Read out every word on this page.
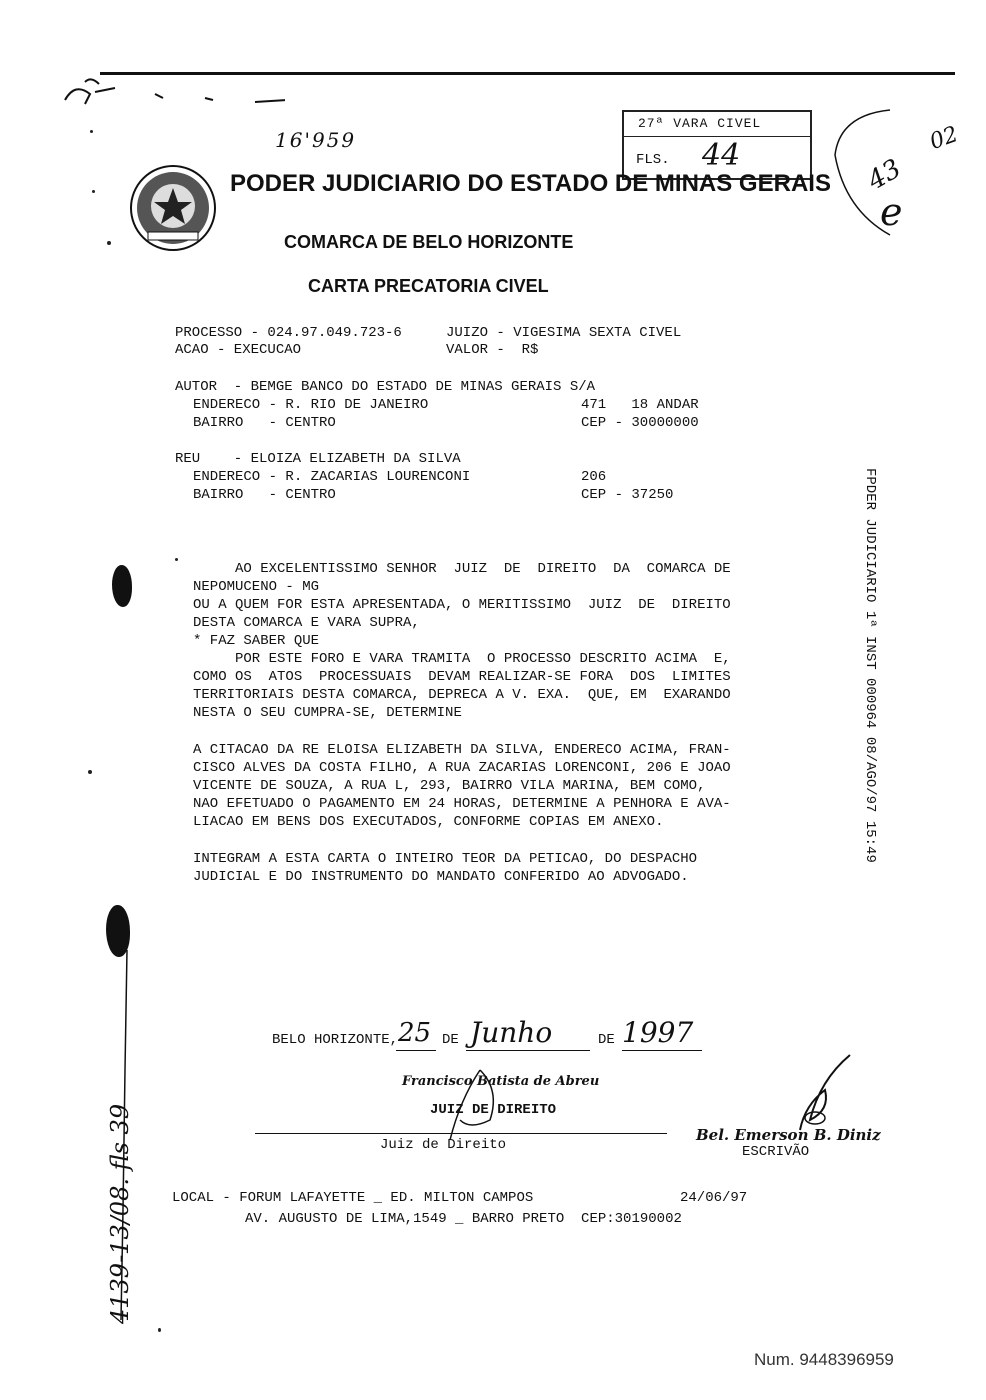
16'959
27ª VARA CIVEL
FLS. 44	43
e
02
PODER JUDICIARIO DO ESTADO DE MINAS GERAIS
COMARCA DE BELO HORIZONTE
CARTA PRECATORIA CIVEL
PROCESSO - 024.97.049.723-6	JUIZO - VIGESIMA SEXTA CIVEL
ACAO - EXECUCAO	VALOR -  R$
AUTOR  - BEMGE BANCO DO ESTADO DE MINAS GERAIS S/A
ENDERECO - R. RIO DE JANEIRO	471   18 ANDAR
BAIRRO   - CENTRO	CEP - 30000000
REU    - ELOIZA ELIZABETH DA SILVA
ENDERECO - R. ZACARIAS LOURENCONI	206
BAIRRO   - CENTRO	CEP - 37250
AO EXCELENTISSIMO SENHOR  JUIZ  DE  DIREITO  DA  COMARCA DE
NEPOMUCENO - MG
OU A QUEM FOR ESTA APRESENTADA, O MERITISSIMO  JUIZ  DE  DIREITO
DESTA COMARCA E VARA SUPRA,
* FAZ SABER QUE
POR ESTE FORO E VARA TRAMITA  O PROCESSO DESCRITO ACIMA  E,
COMO OS  ATOS  PROCESSUAIS  DEVAM REALIZAR-SE FORA  DOS  LIMITES
TERRITORIAIS DESTA COMARCA, DEPRECA A V. EXA.  QUE, EM  EXARANDO
NESTA O SEU CUMPRA-SE, DETERMINE
A CITACAO DA RE ELOISA ELIZABETH DA SILVA, ENDERECO ACIMA, FRAN-
CISCO ALVES DA COSTA FILHO, A RUA ZACARIAS LORENCONI, 206 E JOAO
VICENTE DE SOUZA, A RUA L, 293, BAIRRO VILA MARINA, BEM COMO,
NAO EFETUADO O PAGAMENTO EM 24 HORAS, DETERMINE A PENHORA E AVA-
LIACAO EM BENS DOS EXECUTADOS, CONFORME COPIAS EM ANEXO.
INTEGRAM A ESTA CARTA O INTEIRO TEOR DA PETICAO, DO DESPACHO
JUDICIAL E DO INSTRUMENTO DO MANDATO CONFERIDO AO ADVOGADO.
FPDER JUDICIARIO 1ª INST 000964 08/AGO/97 15:49
4139-13/08. fls 39
BELO HORIZONTE, 25 DE Junho	DE 1997
Francisco Batista de Abreu
JUIZ DE DIREITO
Juiz de Direito
Bel. Emerson B. Diniz
ESCRIVÃO
LOCAL - FORUM LAFAYETTE _ ED. MILTON CAMPOS	24/06/97
AV. AUGUSTO DE LIMA,1549 _ BARRO PRETO  CEP:30190002
Num. 9448396959
